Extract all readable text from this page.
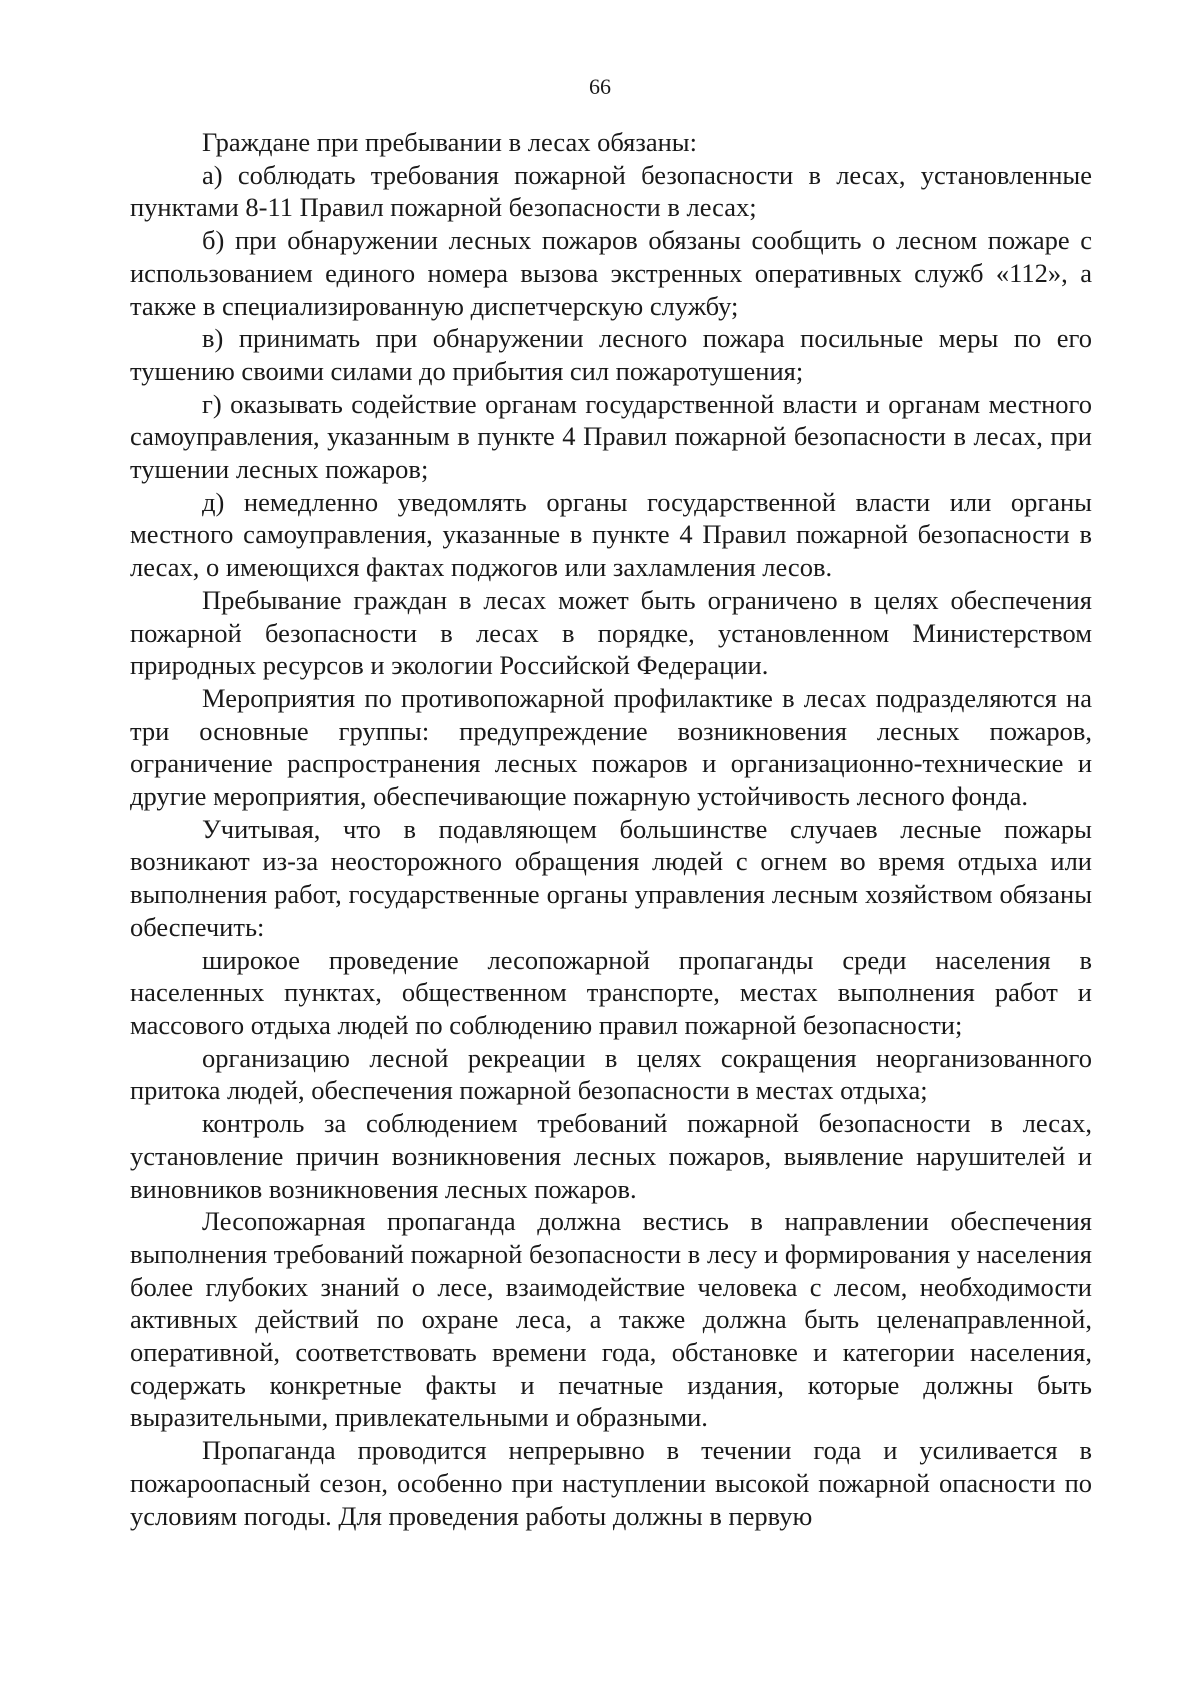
66

Граждане при пребывании в лесах обязаны:

а) соблюдать требования пожарной безопасности в лесах, установленные пунктами 8-11 Правил пожарной безопасности в лесах;

б) при обнаружении лесных пожаров обязаны сообщить о лесном пожаре с использованием единого номера вызова экстренных оперативных служб «112», а также в специализированную диспетчерскую службу;

в) принимать при обнаружении лесного пожара посильные меры по его тушению своими силами до прибытия сил пожаротушения;

г) оказывать содействие органам государственной власти и органам местного самоуправления, указанным в пункте 4 Правил пожарной безопасности в лесах, при тушении лесных пожаров;

д) немедленно уведомлять органы государственной власти или органы местного самоуправления, указанные в пункте 4 Правил пожарной безопасности в лесах, о имеющихся фактах поджогов или захламления лесов.

Пребывание граждан в лесах может быть ограничено в целях обеспечения пожарной безопасности в лесах в порядке, установленном Министерством природных ресурсов и экологии Российской Федерации.

Мероприятия по противопожарной профилактике в лесах подразделяются на три основные группы: предупреждение возникновения лесных пожаров, ограничение распространения лесных пожаров и организационно-технические и другие мероприятия, обеспечивающие пожарную устойчивость лесного фонда.

Учитывая, что в подавляющем большинстве случаев лесные пожары возникают из-за неосторожного обращения людей с огнем во время отдыха или выполнения работ, государственные органы управления лесным хозяйством обязаны обеспечить:

широкое проведение лесопожарной пропаганды среди населения в населенных пунктах, общественном транспорте, местах выполнения работ и массового отдыха людей по соблюдению правил пожарной безопасности;

организацию лесной рекреации в целях сокращения неорганизованного притока людей, обеспечения пожарной безопасности в местах отдыха;

контроль за соблюдением требований пожарной безопасности в лесах, установление причин возникновения лесных пожаров, выявление нарушителей и виновников возникновения лесных пожаров.

Лесопожарная пропаганда должна вестись в направлении обеспечения выполнения требований пожарной безопасности в лесу и формирования у населения более глубоких знаний о лесе, взаимодействие человека с лесом, необходимости активных действий по охране леса, а также должна быть целенаправленной, оперативной, соответствовать времени года, обстановке и категории населения, содержать конкретные факты и печатные издания, которые должны быть выразительными, привлекательными и образными.

Пропаганда проводится непрерывно в течении года и усиливается в пожароопасный сезон, особенно при наступлении высокой пожарной опасности по условиям погоды. Для проведения работы должны в первую
